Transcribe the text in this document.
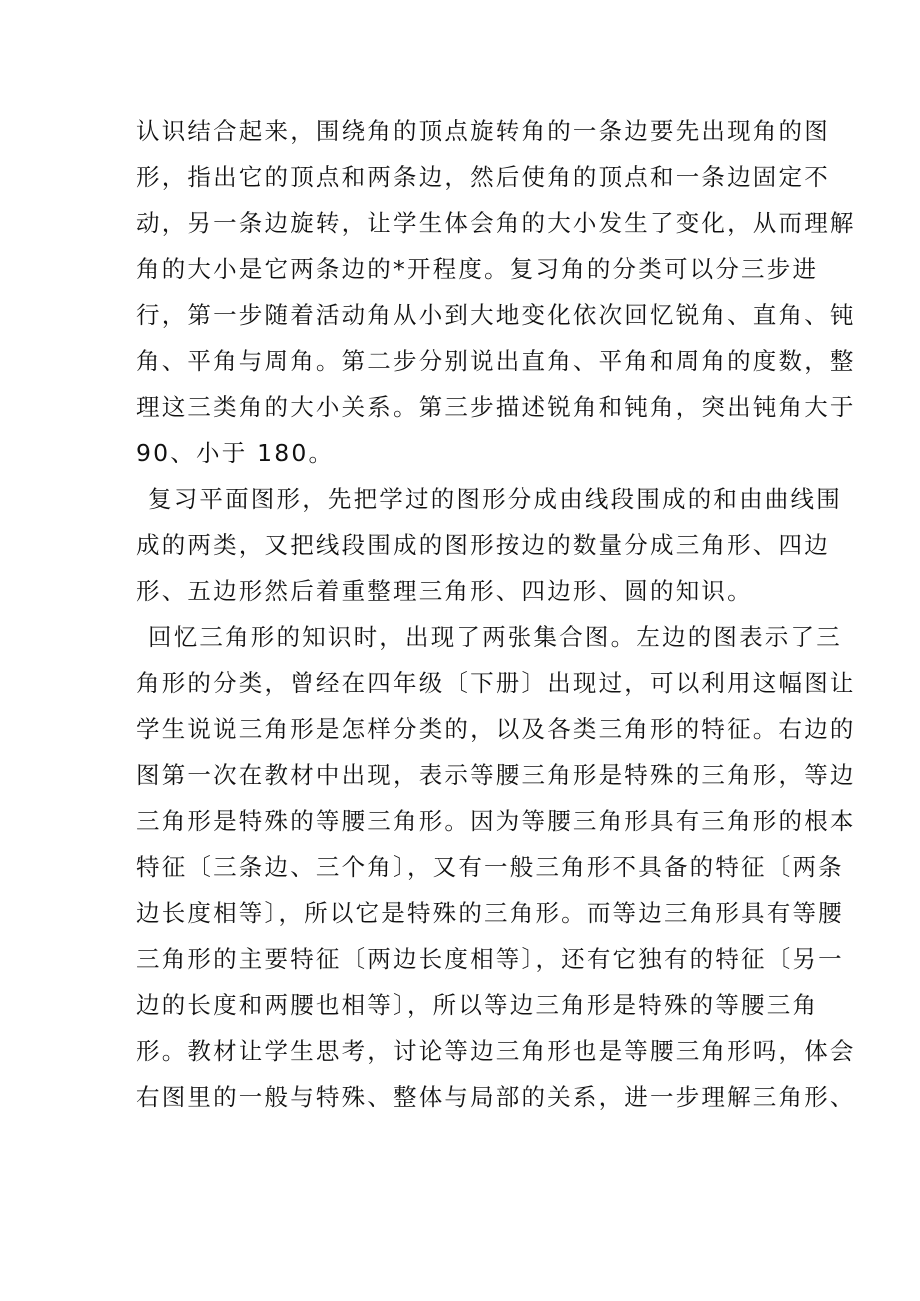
认识结合起来，围绕角的顶点旋转角的一条边要先出现角的图
形，指出它的顶点和两条边，然后使角的顶点和一条边固定不
动，另一条边旋转，让学生体会角的大小发生了变化，从而理解
角的大小是它两条边的*开程度。复习角的分类可以分三步进
行，第一步随着活动角从小到大地变化依次回忆锐角、直角、钝
角、平角与周角。第二步分别说出直角、平角和周角的度数，整
理这三类角的大小关系。第三步描述锐角和钝角，突出钝角大于
90、小于 180。
复习平面图形，先把学过的图形分成由线段围成的和由曲线围
成的两类，又把线段围成的图形按边的数量分成三角形、四边
形、五边形然后着重整理三角形、四边形、圆的知识。
回忆三角形的知识时，出现了两张集合图。左边的图表示了三
角形的分类，曾经在四年级〔下册〕出现过，可以利用这幅图让
学生说说三角形是怎样分类的，以及各类三角形的特征。右边的
图第一次在教材中出现，表示等腰三角形是特殊的三角形，等边
三角形是特殊的等腰三角形。因为等腰三角形具有三角形的根本
特征〔三条边、三个角〕，又有一般三角形不具备的特征〔两条
边长度相等〕，所以它是特殊的三角形。而等边三角形具有等腰
三角形的主要特征〔两边长度相等〕，还有它独有的特征〔另一
边的长度和两腰也相等〕，所以等边三角形是特殊的等腰三角
形。教材让学生思考，讨论等边三角形也是等腰三角形吗，体会
右图里的一般与特殊、整体与局部的关系，进一步理解三角形、
